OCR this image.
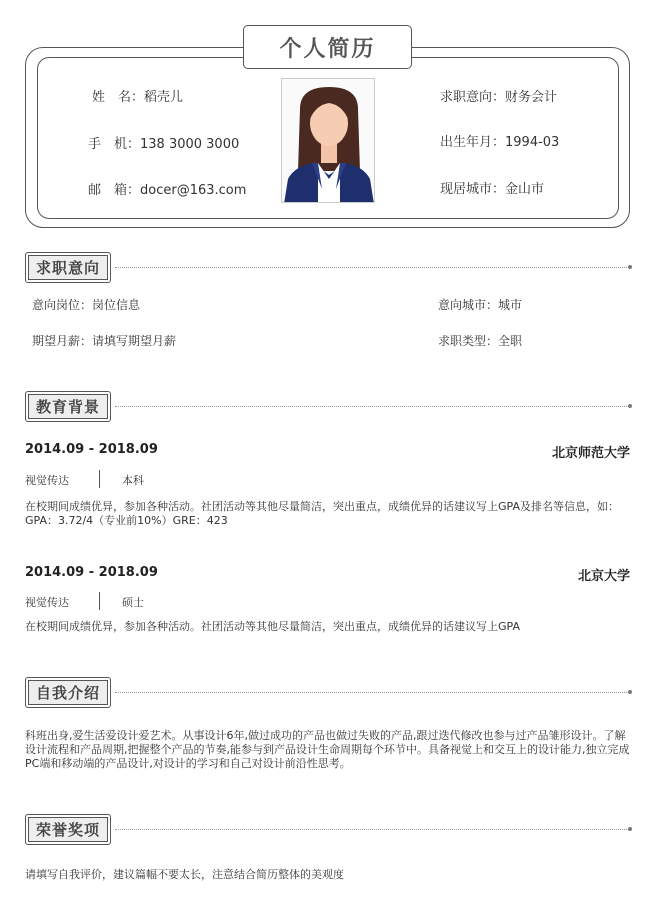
个人简历
姓　名：稻壳儿
手　机：138 3000 3000
邮　箱：docer@163.com
求职意向：财务会计
出生年月：1994-03
现居城市：金山市
求职意向
意向岗位：岗位信息	意向城市：城市
期望月薪：请填写期望月薪	求职类型：全职
教育背景
2014.09 - 2018.09	北京师范大学
视觉传达	本科
在校期间成绩优异，参加各种活动。社团活动等其他尽量简洁，突出重点，成绩优异的话建议写上GPA及排名等信息，如：GPA：3.72/4（专业前10%）GRE：423
2014.09 - 2018.09	北京大学
视觉传达	硕士
在校期间成绩优异，参加各种活动。社团活动等其他尽量简洁，突出重点，成绩优异的话建议写上GPA
自我介绍
科班出身,爱生活爱设计爱艺术。从事设计6年,做过成功的产品也做过失败的产品,跟过迭代修改也参与过产品雏形设计。了解设计流程和产品周期,把握整个产品的节奏,能参与到产品设计生命周期每个环节中。具备视觉上和交互上的设计能力,独立完成PC端和移动端的产品设计,对设计的学习和自己对设计前沿性思考。
荣誉奖项
请填写自我评价，建议篇幅不要太长，注意结合简历整体的美观度
